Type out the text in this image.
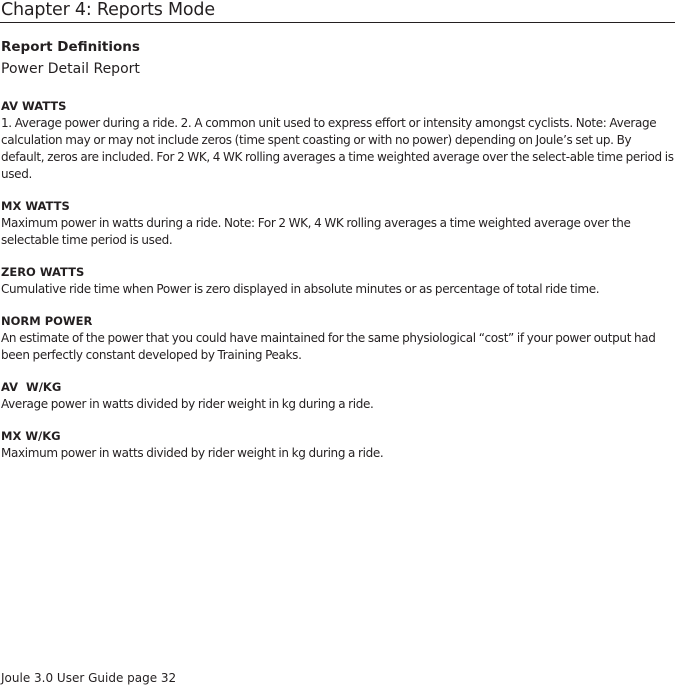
Chapter 4: Reports Mode
Report Definitions
Power Detail Report
AV WATTS

1. Average power during a ride. 2. A common unit used to express effort or intensity amongst cyclists. Note: Average calculation may or may not include zeros (time spent coasting or with no power) depending on Joule’s set up. By default, zeros are included. For 2 WK, 4 WK rolling averages a time weighted average over the select-able time period is used.

MX WATTS

Maximum power in watts during a ride. Note: For 2 WK, 4 WK rolling averages a time weighted average over the selectable time period is used.

ZERO WATTS

Cumulative ride time when Power is zero displayed in absolute minutes or as percentage of total ride time.

NORM POWER

An estimate of the power that you could have maintained for the same physiological “cost” if your power output had been perfectly constant developed by Training Peaks.

AV  W/KG

Average power in watts divided by rider weight in kg during a ride.

MX W/KG

Maximum power in watts divided by rider weight in kg during a ride.

Joule 3.0 User Guide page 32
